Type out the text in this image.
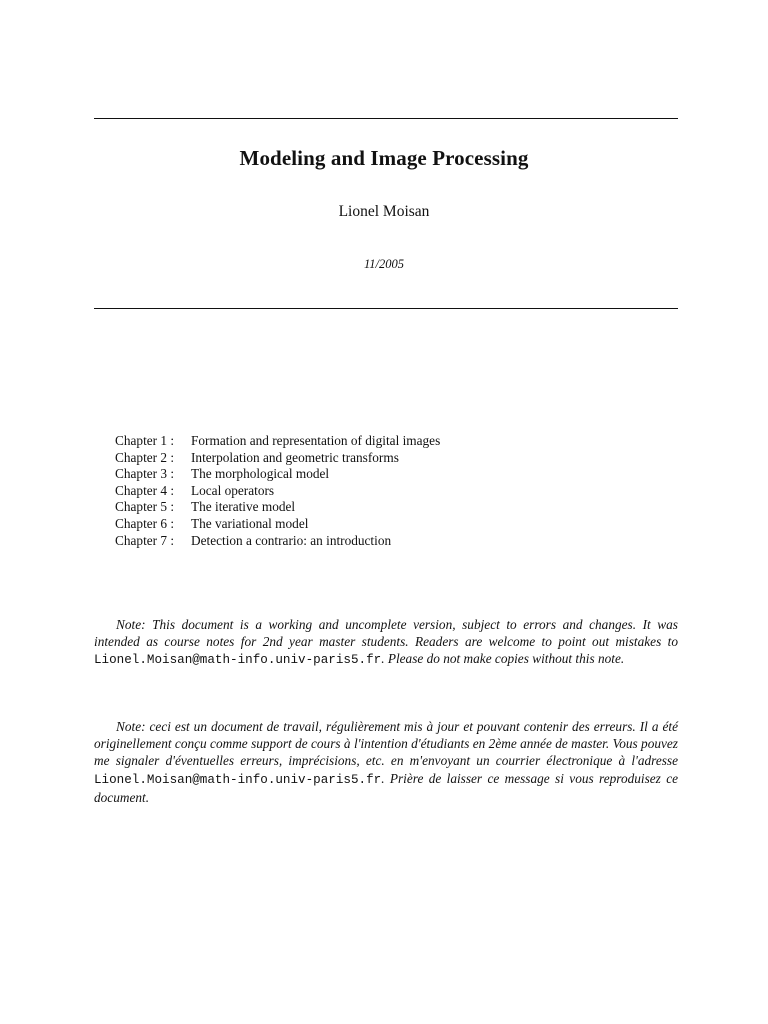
Modeling and Image Processing
Lionel Moisan
11/2005
Chapter 1 :	Formation and representation of digital images
Chapter 2 :	Interpolation and geometric transforms
Chapter 3 :	The morphological model
Chapter 4 :	Local operators
Chapter 5 :	The iterative model
Chapter 6 :	The variational model
Chapter 7 :	Detection a contrario: an introduction

Note: This document is a working and uncomplete version, subject to errors and changes. It was intended as course notes for 2nd year master students. Readers are welcome to point out mistakes to Lionel.Moisan@math-info.univ-paris5.fr. Please do not make copies without this note.

Note: ceci est un document de travail, régulièrement mis à jour et pouvant contenir des erreurs. Il a été originellement conçu comme support de cours à l'intention d'étudiants en 2ème année de master. Vous pouvez me signaler d'éventuelles erreurs, imprécisions, etc. en m'envoyant un courrier électronique à l'adresse Lionel.Moisan@math-info.univ-paris5.fr. Prière de laisser ce message si vous reproduisez ce document.
